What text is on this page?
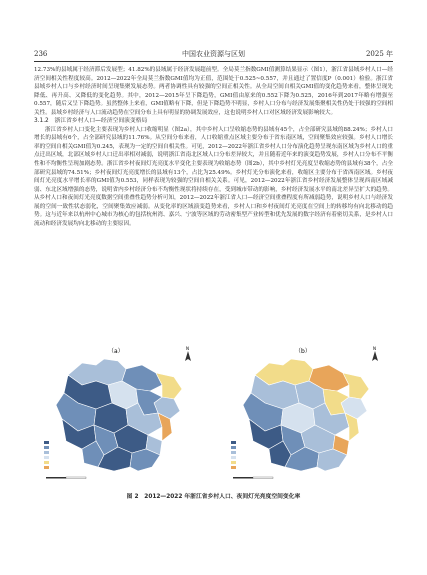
236	中国农业资源与区划	2025 年

12.73%的县域属于经济滞后发展型；41.82%的县域属于经济发展超前型。全局莫兰指数GMI值测算结果显示（图1），浙江省县域乡村人口—经济空间相关性程度较高。2012—2022年全局莫兰指数GMI值均为正值，范围处于0.525~0.557，并且通过了置信度P（0.001）检验。浙江省县域乡村人口与乡村经济时间呈现集聚发展态势。两者协调性具有较强的空间正相关性。从全局空间自相关GMI值的变化趋势来看，整体呈现先降低、再升高、又降低的变化趋势。其中，2012—2015年呈下降趋势，GMI值由原来的0.552下降为0.525，2016年到2017年略有增强至0.557，随后又呈下降趋势。虽然整体上来看，GMI值略有下降，但是下降趋势不明显，乡村人口分布与经济发展集聚相关性仍处于较强的空间相关性。县域乡村经济与人口流动趋势在空间分布上具有明显的协调发展效应，这也说明乡村人口对区域经济发展影响较大。

3.1.2　浙江省乡村人口—经济空间演变格局

浙江省乡村人口变化主要表现为乡村人口收缩明显（图2a），其中乡村人口呈收缩态势的县域有45个，占全部研究县域的88.24%；乡村人口增长的县域有6个，占全部研究县域的11.76%。从空间分布来看，人口收缩重点区域主要分布于省东南区域，空间聚集效应较强。乡村人口增长率的空间自相关GMI值为0.245，表现为一定的空间自相关性。可见，2012—2022年浙江省乡村人口分布演化趋势呈现东南区域为乡村人口的重点迁出区域，北部区域乡村人口迁出率相对减弱，说明浙江省南北区域人口分布差异较大，并且随着近年来的演变趋势发展，乡村人口分布不平衡性和不均衡性呈现加剧态势。浙江省乡村夜间灯光亮度水平变化主要表现为收缩态势（图2b），其中乡村灯光亮度呈收缩态势的县域有38个，占全部研究县域的74.51%；乡村夜间灯光亮度增长的县域有13个，占比为25.49%。乡村灯光分布演化来看，收缩区主要分布于省西南区域。乡村夜间灯光亮度水平增长率的GMI值为0.553，同样表现为较强的空间自相关关系。可见，2012—2022年浙江省乡村经济发展整体呈现西南区域减弱、东北区域增强的态势，说明省内乡村经济分布不均衡性现状将持续存在，受到城市带动的影响，乡村经济发展水平的南北差异呈扩大的趋势。从乡村人口和夜间灯光亮度数据空间重叠性趋势分析可知，2012—2022年浙江省人口—经济空间重叠程度有所减弱趋势，说明乡村人口与经济发展的空间一致性状态弱化，空间聚集效应减弱。从变化率的区域演变趋势来看，乡村人口和乡村夜间灯光亮度在空间上的转移均有向北移动的趋势。这与近年来以杭州中心城市为核心的包括杭州湾、嘉兴、宁波等区域的劳动密集型产业转型和优先发展的数字经济有着密切关系，是乡村人口流动和经济发展均向北移动的主要原因。

（a）	N	（b）	N
图 2　2012—2022 年浙江省乡村人口、夜间灯光亮度空间变化率
